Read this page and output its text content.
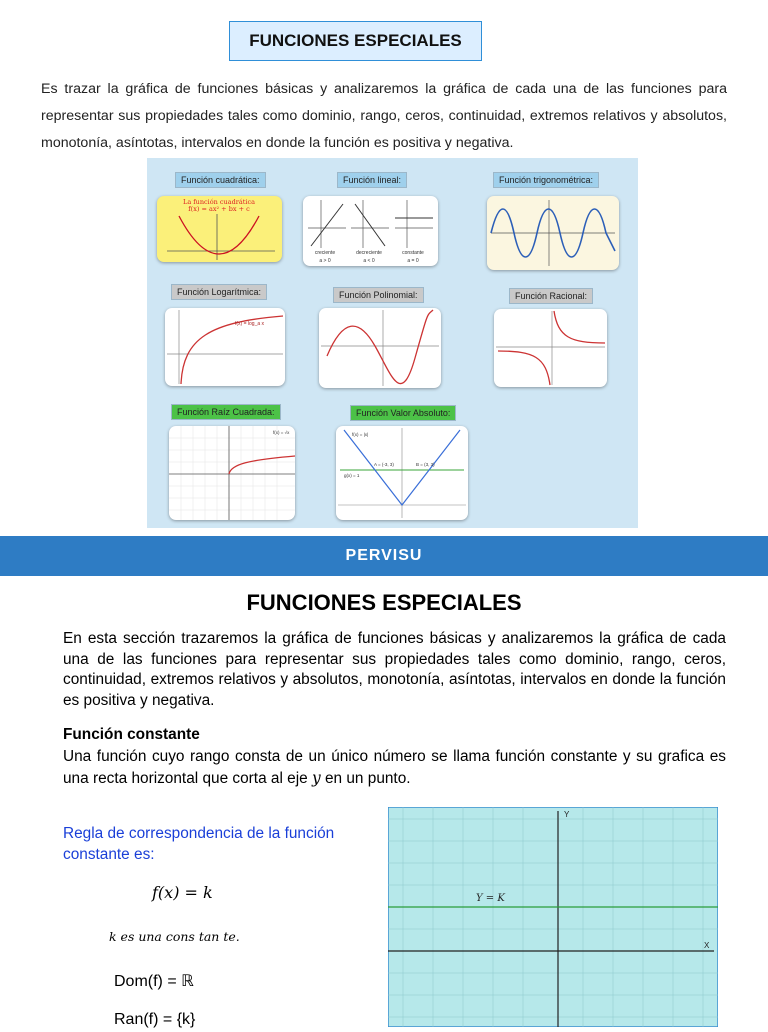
FUNCIONES ESPECIALES
Es trazar la gráfica de funciones básicas y analizaremos la gráfica de cada una de las funciones para representar sus propiedades tales como dominio, rango, ceros, continuidad, extremos relativos y absolutos, monotonía, asíntotas, intervalos en donde la función es positiva y negativa.
Función cuadrática:	Función lineal:	Función trigonométrica:
Función Logarítmica:	Función Polinomial:	Función Racional:
Función Raíz Cuadrada:	Función Valor Absoluto:
La función cuadrática
f(x) = ax² + bx + c
creciente	decreciente	constante
a > 0	a < 0	a = 0
f(x) = log_a x
f(x) = √x	f(x) = |x|
A = (-3, 3)	B = (3, 3)
g(x) = 1
PERVISU
FUNCIONES ESPECIALES
En esta sección trazaremos la gráfica de funciones básicas y analizaremos la gráfica de cada una de las funciones para representar sus propiedades tales como dominio, rango, ceros, continuidad, extremos relativos y absolutos, monotonía, asíntotas, intervalos en donde la función es positiva y negativa.
Función constante
Una función cuyo rango consta de un único número se llama función constante y su grafica es una recta horizontal que corta al eje y en un punto.
Regla de correspondencia de la función constante es:
f(x) = k
k es una cons tan te.
Dom(f) = ℝ
Ran(f) = {k}
Y = K
X
Y
